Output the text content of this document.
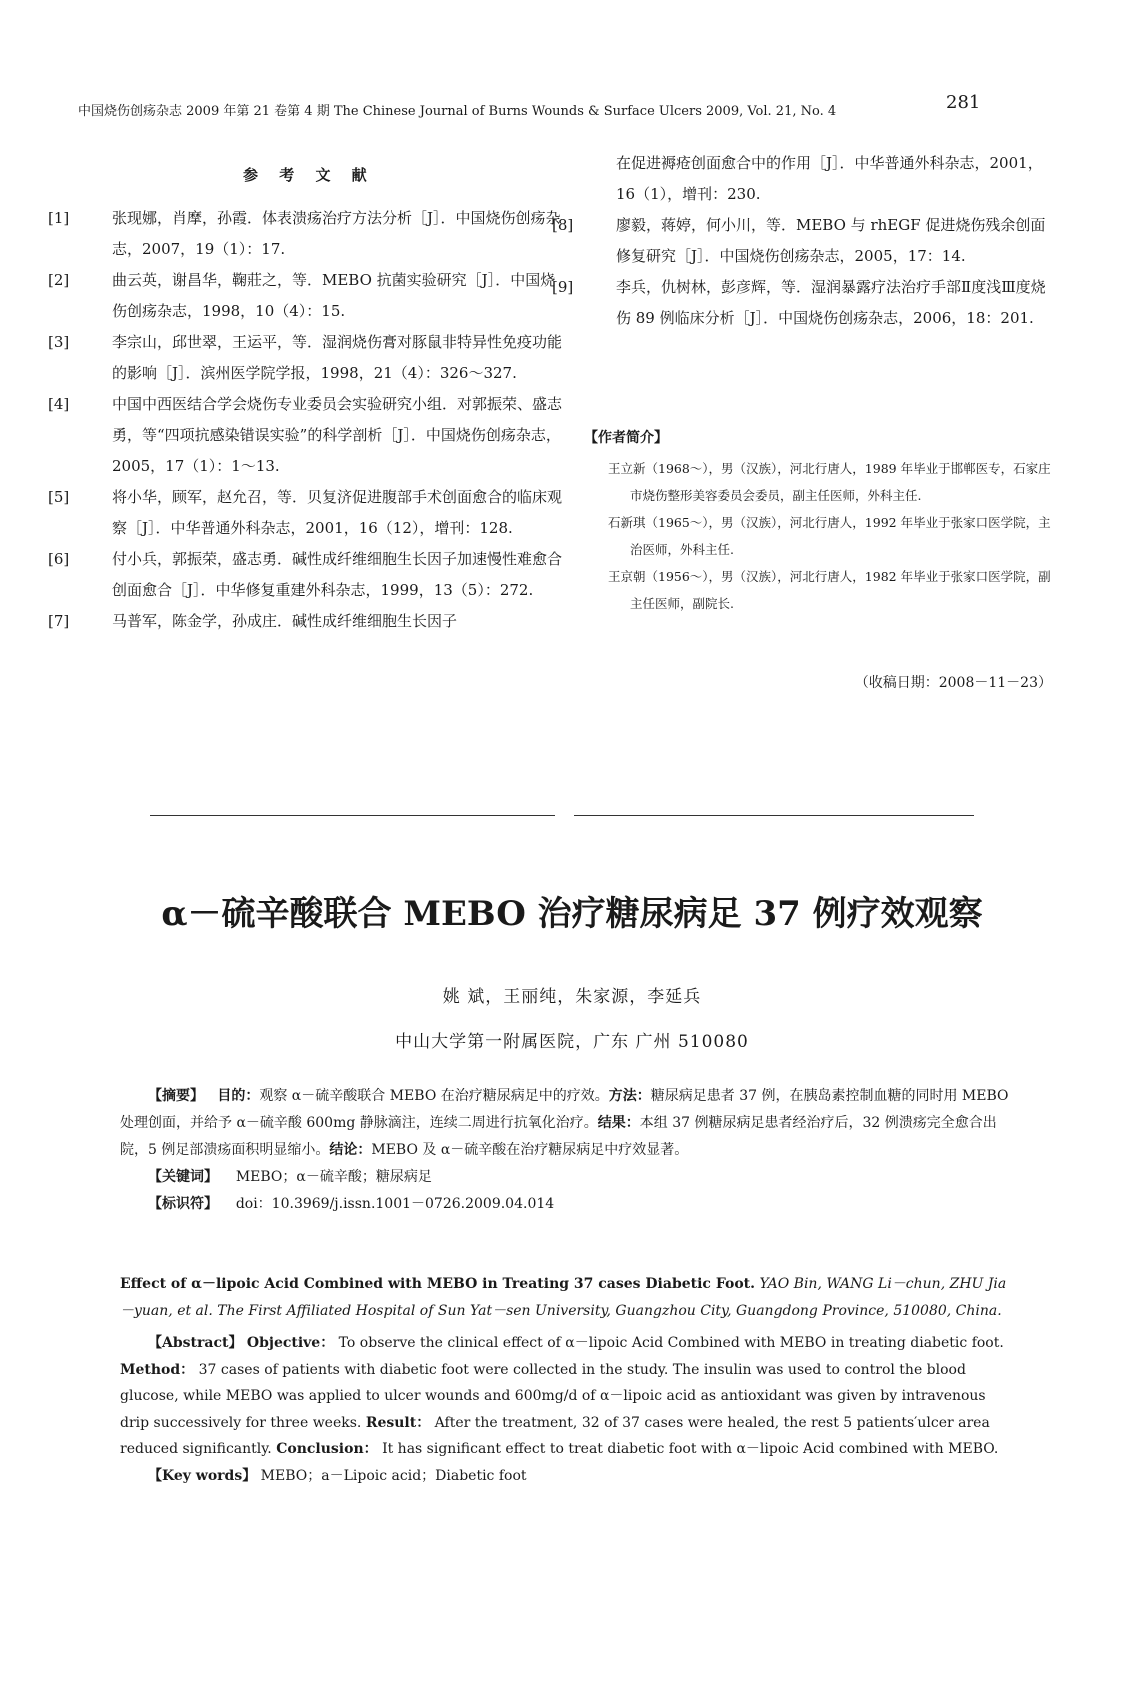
中国烧伤创疡杂志 2009 年第 21 卷第 4 期 The Chinese Journal of Burns Wounds & Surface Ulcers 2009, Vol. 21, No. 4	281
参 考 文 献
[1]	张现娜，肖摩，孙霞．体表溃疡治疗方法分析［J］．中国烧伤创疡杂志，2007，19（1）：17.
[2]	曲云英，谢昌华，鞠莊之，等．MEBO 抗菌实验研究［J］．中国烧伤创疡杂志，1998，10（4）：15.
[3]	李宗山，邱世翠，王运平，等．湿润烧伤膏对豚鼠非特异性免疫功能的影响［J］．滨州医学院学报，1998，21（4）：326～327.
[4]	中国中西医结合学会烧伤专业委员会实验研究小组．对郭振荣、盛志勇，等“四项抗感染错误实验”的科学剖析［J］．中国烧伤创疡杂志，2005，17（1）：1～13.
[5]	将小华，顾军，赵允召，等．贝复济促进腹部手术创面愈合的临床观察［J］．中华普通外科杂志，2001，16（12），增刊：128.
[6]	付小兵，郭振荣，盛志勇．碱性成纤维细胞生长因子加速慢性难愈合创面愈合［J］．中华修复重建外科杂志，1999，13（5）：272.
[7]	马普军，陈金学，孙成庄．碱性成纤维细胞生长因子
在促进褥疮创面愈合中的作用［J］．中华普通外科杂志，2001，16（1），增刊：230.
[8]	廖毅，蒋婷，何小川，等．MEBO 与 rhEGF 促进烧伤残余创面修复研究［J］．中国烧伤创疡杂志，2005，17：14.
[9]	李兵，仇树林，彭彦辉，等．湿润暴露疗法治疗手部Ⅱ度浅Ⅲ度烧伤 89 例临床分析［J］．中国烧伤创疡杂志，2006，18：201.
【作者简介】
王立新（1968～），男（汉族），河北行唐人，1989 年毕业于邯郸医专，石家庄市烧伤整形美容委员会委员，副主任医师，外科主任.
石新琪（1965～），男（汉族），河北行唐人，1992 年毕业于张家口医学院，主治医师，外科主任.
王京朝（1956～），男（汉族），河北行唐人，1982 年毕业于张家口医学院，副主任医师，副院长.
（收稿日期：2008－11－23）
α－硫辛酸联合 MEBO 治疗糖尿病足 37 例疗效观察
姚 斌，王丽纯，朱家源，李延兵
中山大学第一附属医院，广东 广州 510080
【摘要】 目的：观察 α－硫辛酸联合 MEBO 在治疗糖尿病足中的疗效。方法：糖尿病足患者 37 例，在胰岛素控制血糖的同时用 MEBO 处理创面，并给予 α－硫辛酸 600mg 静脉滴注，连续二周进行抗氧化治疗。结果：本组 37 例糖尿病足患者经治疗后，32 例溃疡完全愈合出院，5 例足部溃疡面积明显缩小。结论：MEBO 及 α－硫辛酸在治疗糖尿病足中疗效显著。
【关键词】 MEBO；α－硫辛酸；糖尿病足
【标识符】 doi：10.3969/j.issn.1001－0726.2009.04.014
Effect of α－lipoic Acid Combined with MEBO in Treating 37 cases Diabetic Foot. YAO Bin, WANG Li－chun, ZHU Jia－yuan, et al. The First Affiliated Hospital of Sun Yat－sen University, Guangzhou City, Guangdong Province, 510080, China.
【Abstract】 Objective： To observe the clinical effect of α－lipoic Acid Combined with MEBO in treating diabetic foot. Method： 37 cases of patients with diabetic foot were collected in the study. The insulin was used to control the blood glucose, while MEBO was applied to ulcer wounds and 600mg/d of α－lipoic acid as antioxidant was given by intravenous drip successively for three weeks. Result： After the treatment, 32 of 37 cases were healed, the rest 5 patients′ulcer area reduced significantly. Conclusion： It has significant effect to treat diabetic foot with α－lipoic Acid combined with MEBO.
【Key words】 MEBO；a－Lipoic acid；Diabetic foot
